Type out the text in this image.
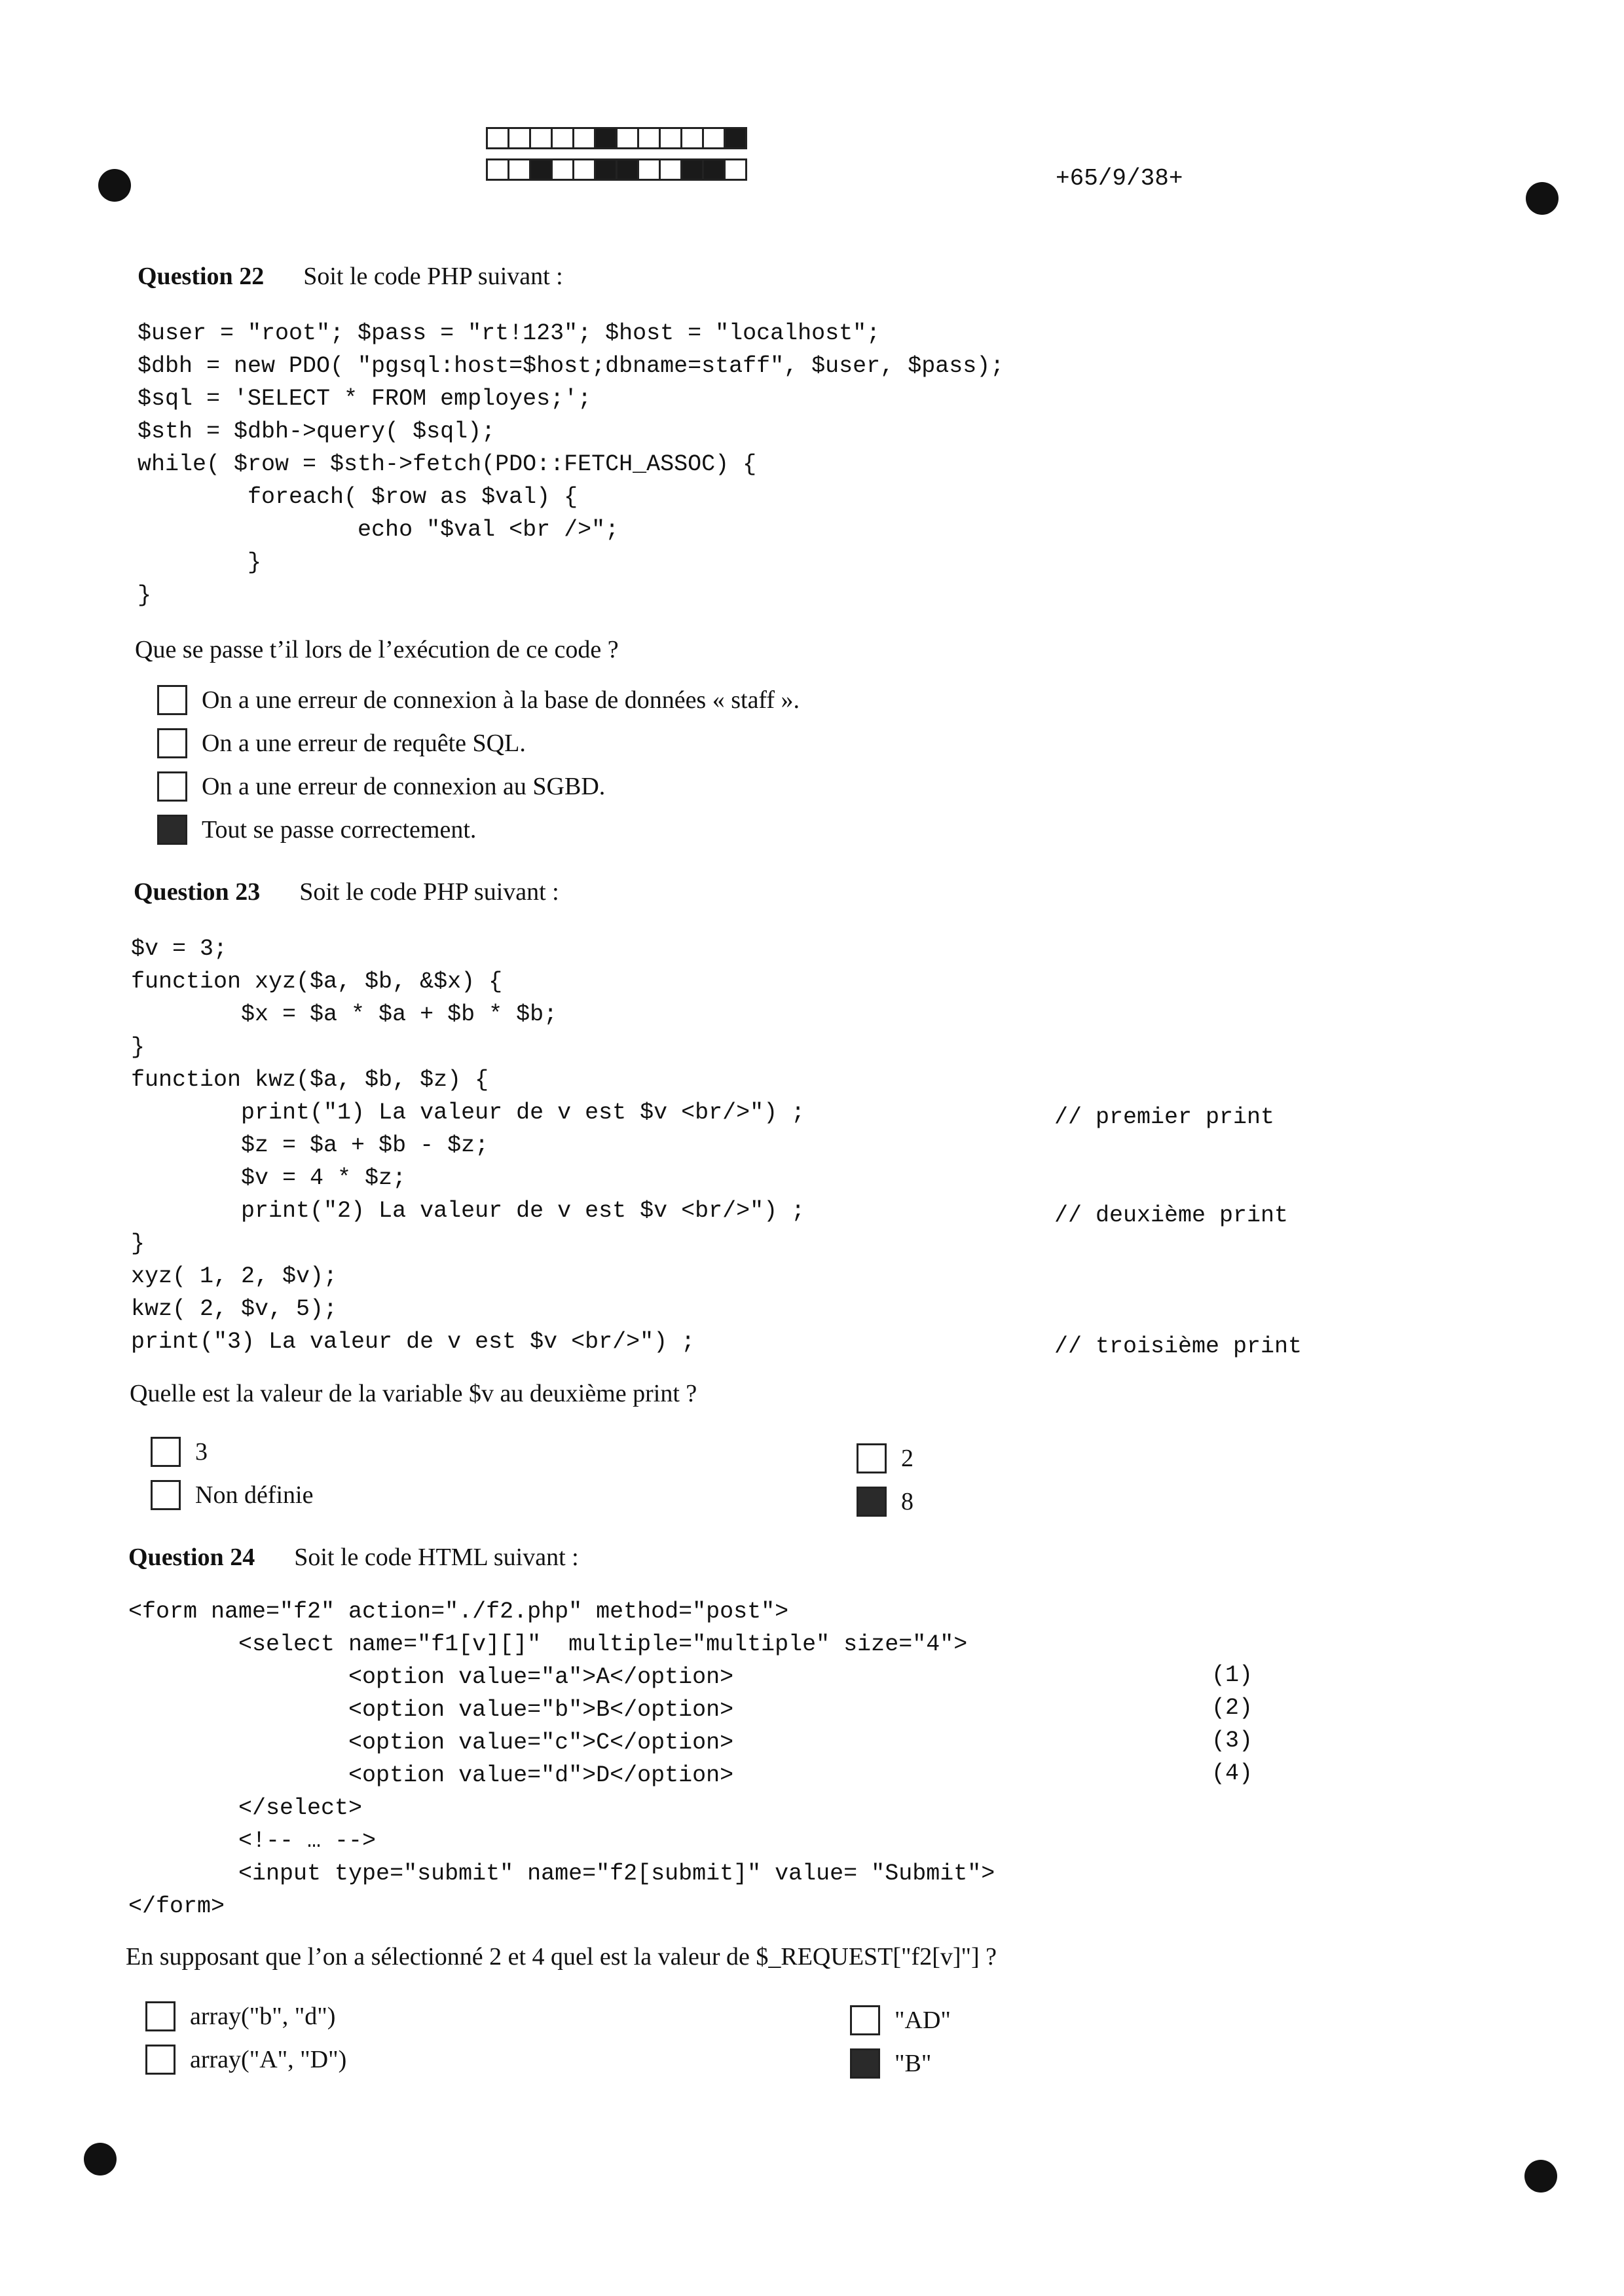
+65/9/38+
Question 22 Soit le code PHP suivant :
$user = "root"; $pass = "rt!123"; $host = "localhost";
$dbh = new PDO( "pgsql:host=$host;dbname=staff", $user, $pass);
$sql = 'SELECT * FROM employes;';
$sth = $dbh->query( $sql);
while( $row = $sth->fetch(PDO::FETCH_ASSOC) {
foreach( $row as $val) {
echo "$val <br />";
}
}
Que se passe t’il lors de l’exécution de ce code ?
On a une erreur de connexion à la base de données « staff ».
On a une erreur de requête SQL.
On a une erreur de connexion au SGBD.
Tout se passe correctement.
Question 23 Soit le code PHP suivant :
$v = 3;
function xyz($a, $b, &$x) {
$x = $a * $a + $b * $b;
}
function kwz($a, $b, $z) {
print("1) La valeur de v est $v <br/>") ;
$z = $a + $b - $z;
$v = 4 * $z;
print("2) La valeur de v est $v <br/>") ;
}
xyz( 1, 2, $v);
kwz( 2, $v, 5);
print("3) La valeur de v est $v <br/>") ;
// premier print
// deuxième print
// troisième print
Quelle est la valeur de la variable $v au deuxième print ?
3
Non définie
2
8
Question 24 Soit le code HTML suivant :
<form name="f2" action="./f2.php" method="post">
<select name="f1[v][]"  multiple="multiple" size="4">
<option value="a">A</option>
<option value="b">B</option>
<option value="c">C</option>
<option value="d">D</option>
</select>
<!-- … -->
<input type="submit" name="f2[submit]" value= "Submit">
</form>
(1)
(2)
(3)
(4)
En supposant que l’on a sélectionné 2 et 4 quel est la valeur de $_REQUEST["f2[v]"] ?
array("b", "d")
array("A", "D")
"AD"
"B"
